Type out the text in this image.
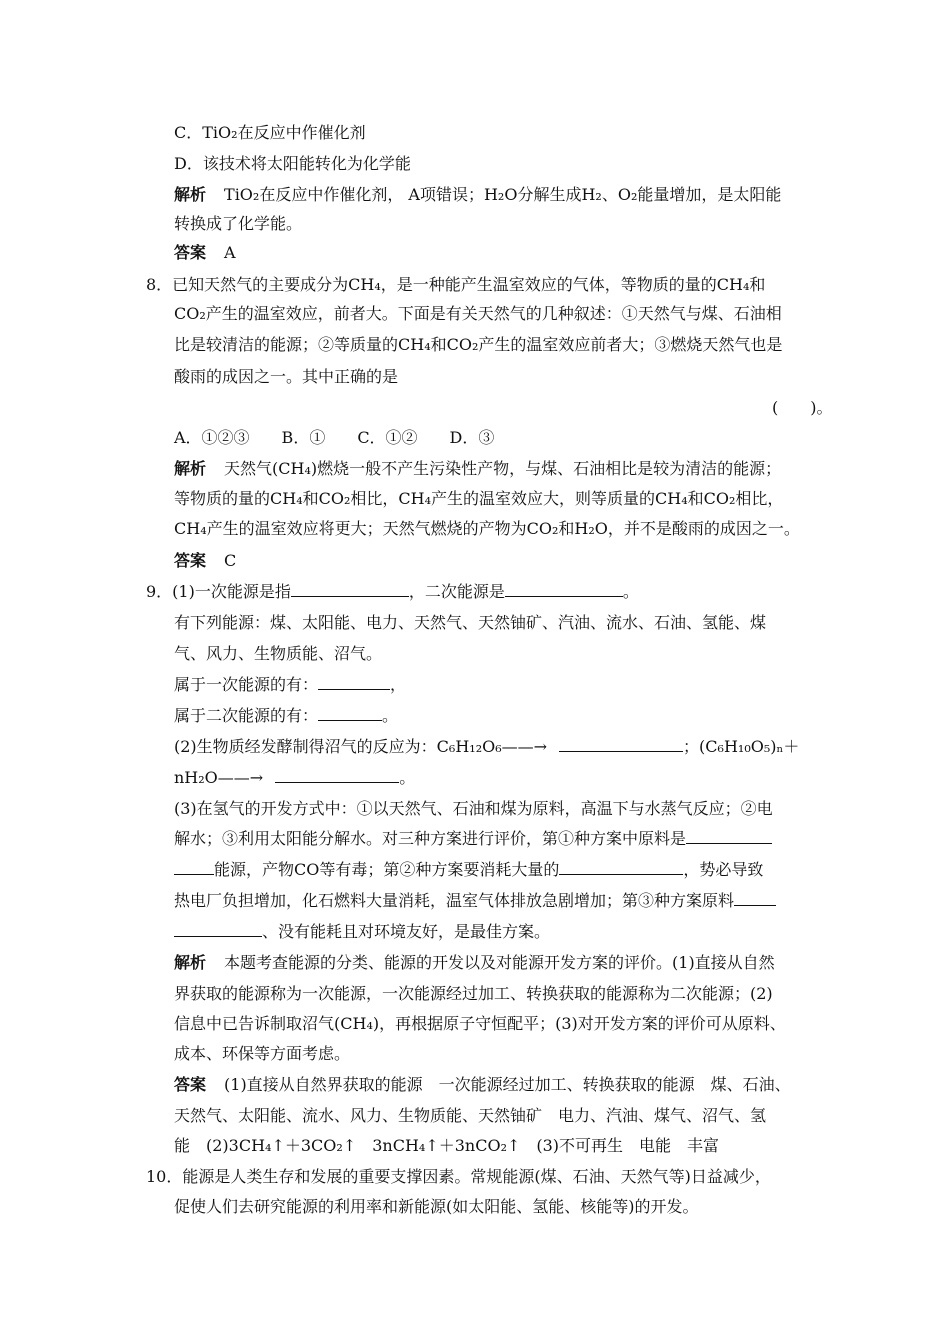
C．TiO₂在反应中作催化剂
D．该技术将太阳能转化为化学能
解析 TiO₂在反应中作催化剂， A项错误；H₂O分解生成H₂、O₂能量增加，是太阳能
转换成了化学能。
答案 A
8．已知天然气的主要成分为CH₄，是一种能产生温室效应的气体，等物质的量的CH₄和
CO₂产生的温室效应，前者大。下面是有关天然气的几种叙述：①天然气与煤、石油相
比是较清洁的能源；②等质量的CH₄和CO₂产生的温室效应前者大；③燃烧天然气也是
酸雨的成因之一。其中正确的是
(　　)。
A．①②③　　B．①　　C．①②　　D．③
解析 天然气(CH₄)燃烧一般不产生污染性产物，与煤、石油相比是较为清洁的能源；
等物质的量的CH₄和CO₂相比，CH₄产生的温室效应大，则等质量的CH₄和CO₂相比，
CH₄产生的温室效应将更大；天然气燃烧的产物为CO₂和H₂O，并不是酸雨的成因之一。
答案 C
9．(1)一次能源是指	，二次能源是	。
有下列能源：煤、太阳能、电力、天然气、天然铀矿、汽油、流水、石油、氢能、煤
气、风力、生物质能、沼气。
属于一次能源的有：	，
属于二次能源的有：	。
(2)生物质经发酵制得沼气的反应为：C₆H₁₂O₆——→	；(C₆H₁₀O₅)ₙ＋
nH₂O——→	。
(3)在氢气的开发方式中：①以天然气、石油和煤为原料，高温下与水蒸气反应；②电
解水；③利用太阳能分解水。对三种方案进行评价，第①种方案中原料是
能源，产物CO等有毒；第②种方案要消耗大量的	，势必导致
热电厂负担增加，化石燃料大量消耗，温室气体排放急剧增加；第③种方案原料
、没有能耗且对环境友好，是最佳方案。
解析 本题考查能源的分类、能源的开发以及对能源开发方案的评价。(1)直接从自然
界获取的能源称为一次能源，一次能源经过加工、转换获取的能源称为二次能源；(2)
信息中已告诉制取沼气(CH₄)，再根据原子守恒配平；(3)对开发方案的评价可从原料、
成本、环保等方面考虑。
答案 (1)直接从自然界获取的能源　一次能源经过加工、转换获取的能源　煤、石油、
天然气、太阳能、流水、风力、生物质能、天然铀矿　电力、汽油、煤气、沼气、氢
能　(2)3CH₄↑＋3CO₂↑　3nCH₄↑＋3nCO₂↑　(3)不可再生　电能　丰富
10．能源是人类生存和发展的重要支撑因素。常规能源(煤、石油、天然气等)日益减少，
促使人们去研究能源的利用率和新能源(如太阳能、氢能、核能等)的开发。
